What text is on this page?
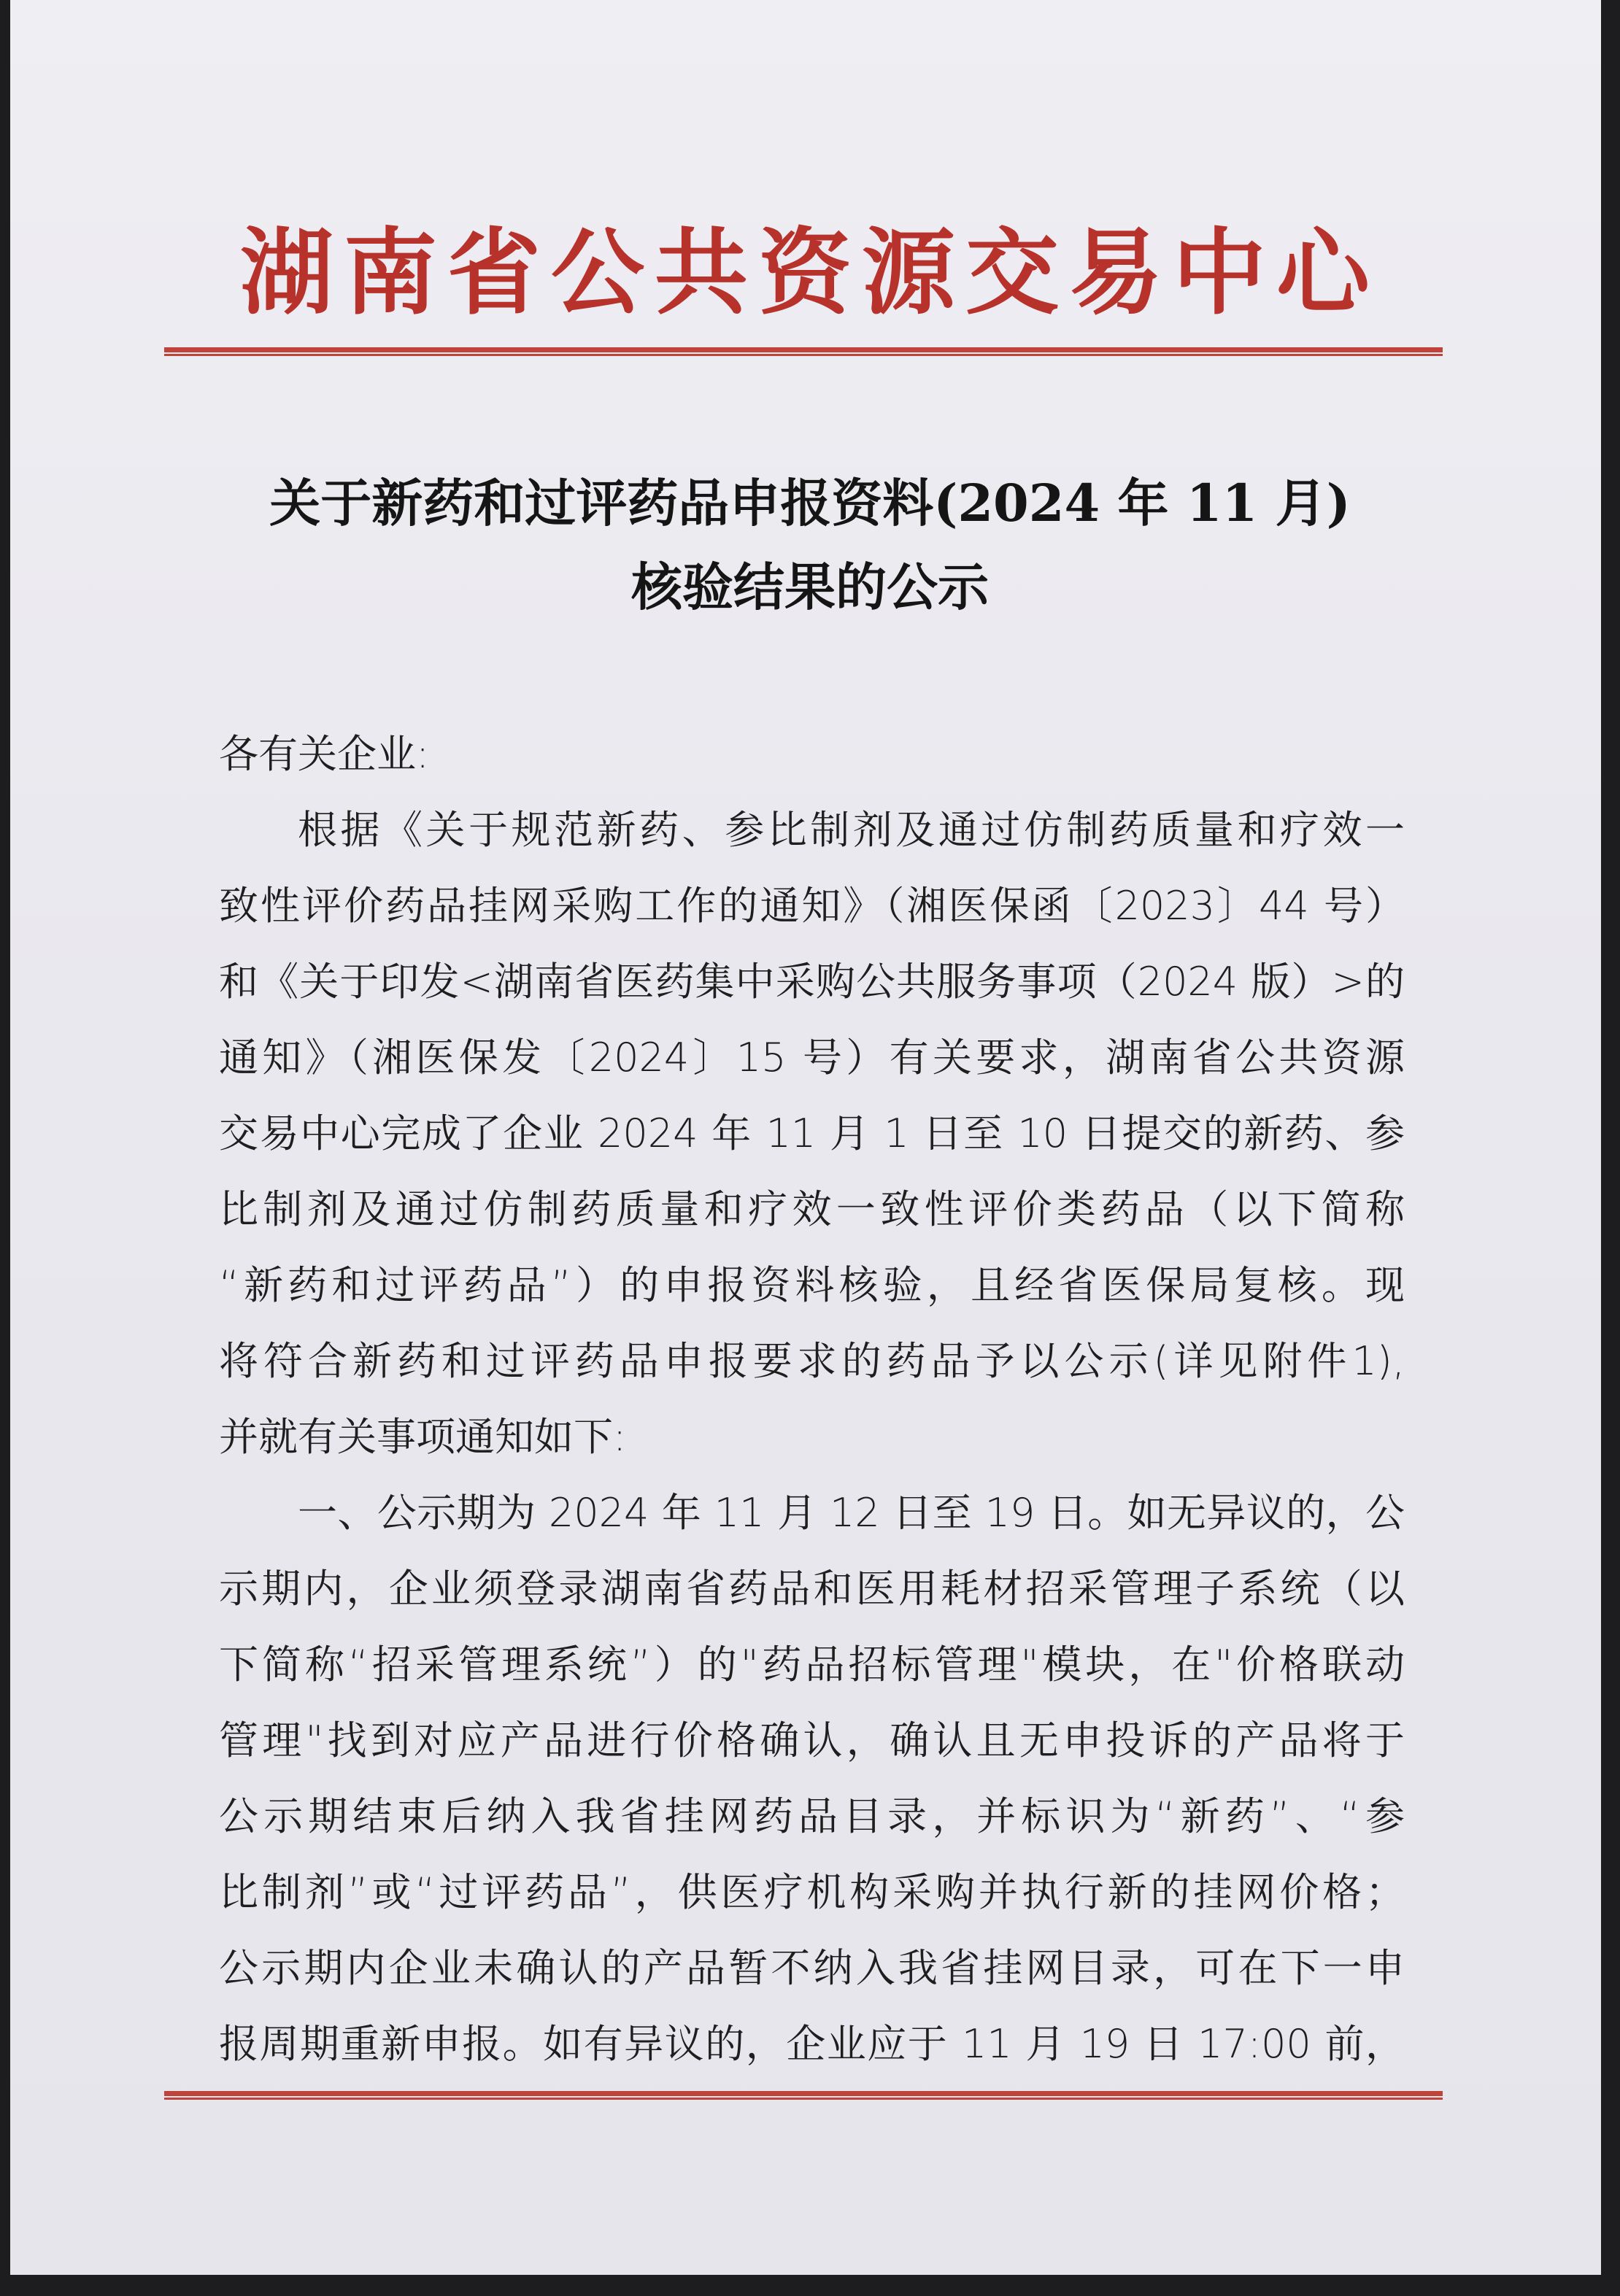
湖南省公共资源交易中心
关于新药和过评药品申报资料(2024 年 11 月)
核验结果的公示
各有关企业:
根据《关于规范新药、参比制剂及通过仿制药质量和疗效一
致性评价药品挂网采购工作的通知》（湘医保函〔2023〕44 号）
和《关于印发<湖南省医药集中采购公共服务事项（2024 版）>的
通知》（湘医保发〔2024〕15 号）有关要求，湖南省公共资源
交易中心完成了企业 2024 年 11 月 1 日至 10 日提交的新药、参
比制剂及通过仿制药质量和疗效一致性评价类药品（以下简称
“新药和过评药品”）的申报资料核验，且经省医保局复核。现
将符合新药和过评药品申报要求的药品予以公示(详见附件1),
并就有关事项通知如下:
一、公示期为 2024 年 11 月 12 日至 19 日。如无异议的，公
示期内，企业须登录湖南省药品和医用耗材招采管理子系统（以
下简称“招采管理系统”）的"药品招标管理"模块，在"价格联动
管理"找到对应产品进行价格确认，确认且无申投诉的产品将于
公示期结束后纳入我省挂网药品目录，并标识为“新药”、“参
比制剂”或“过评药品”，供医疗机构采购并执行新的挂网价格；
公示期内企业未确认的产品暂不纳入我省挂网目录，可在下一申
报周期重新申报。如有异议的，企业应于 11 月 19 日 17:00 前，
